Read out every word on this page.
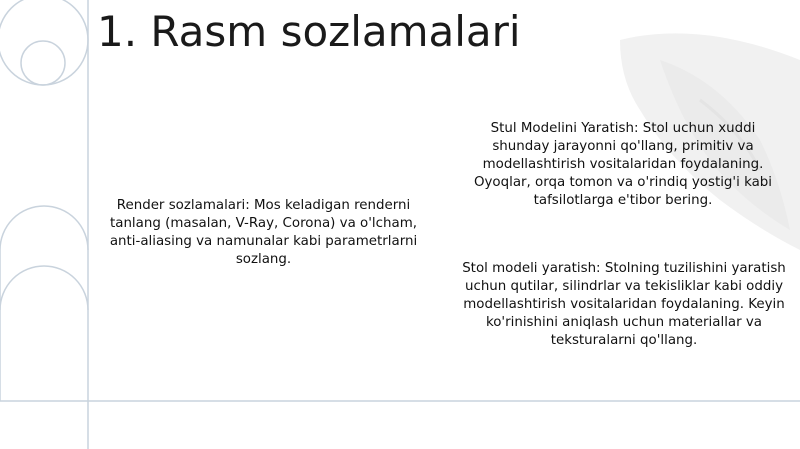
1. Rasm sozlamalari
Render sozlamalari: Mos keladigan renderni tanlang (masalan, V-Ray, Corona) va o'lcham, anti-aliasing va namunalar kabi parametrlarni sozlang.
Stul Modelini Yaratish: Stol uchun xuddi shunday jarayonni qo'llang, primitiv va modellashtirish vositalaridan foydalaning. Oyoqlar, orqa tomon va o'rindiq yostig'i kabi tafsilotlarga e'tibor bering.
Stol modeli yaratish: Stolning tuzilishini yaratish uchun qutilar, silindrlar va tekisliklar kabi oddiy modellashtirish vositalaridan foydalaning. Keyin ko'rinishini aniqlash uchun materiallar va teksturalarni qo'llang.
